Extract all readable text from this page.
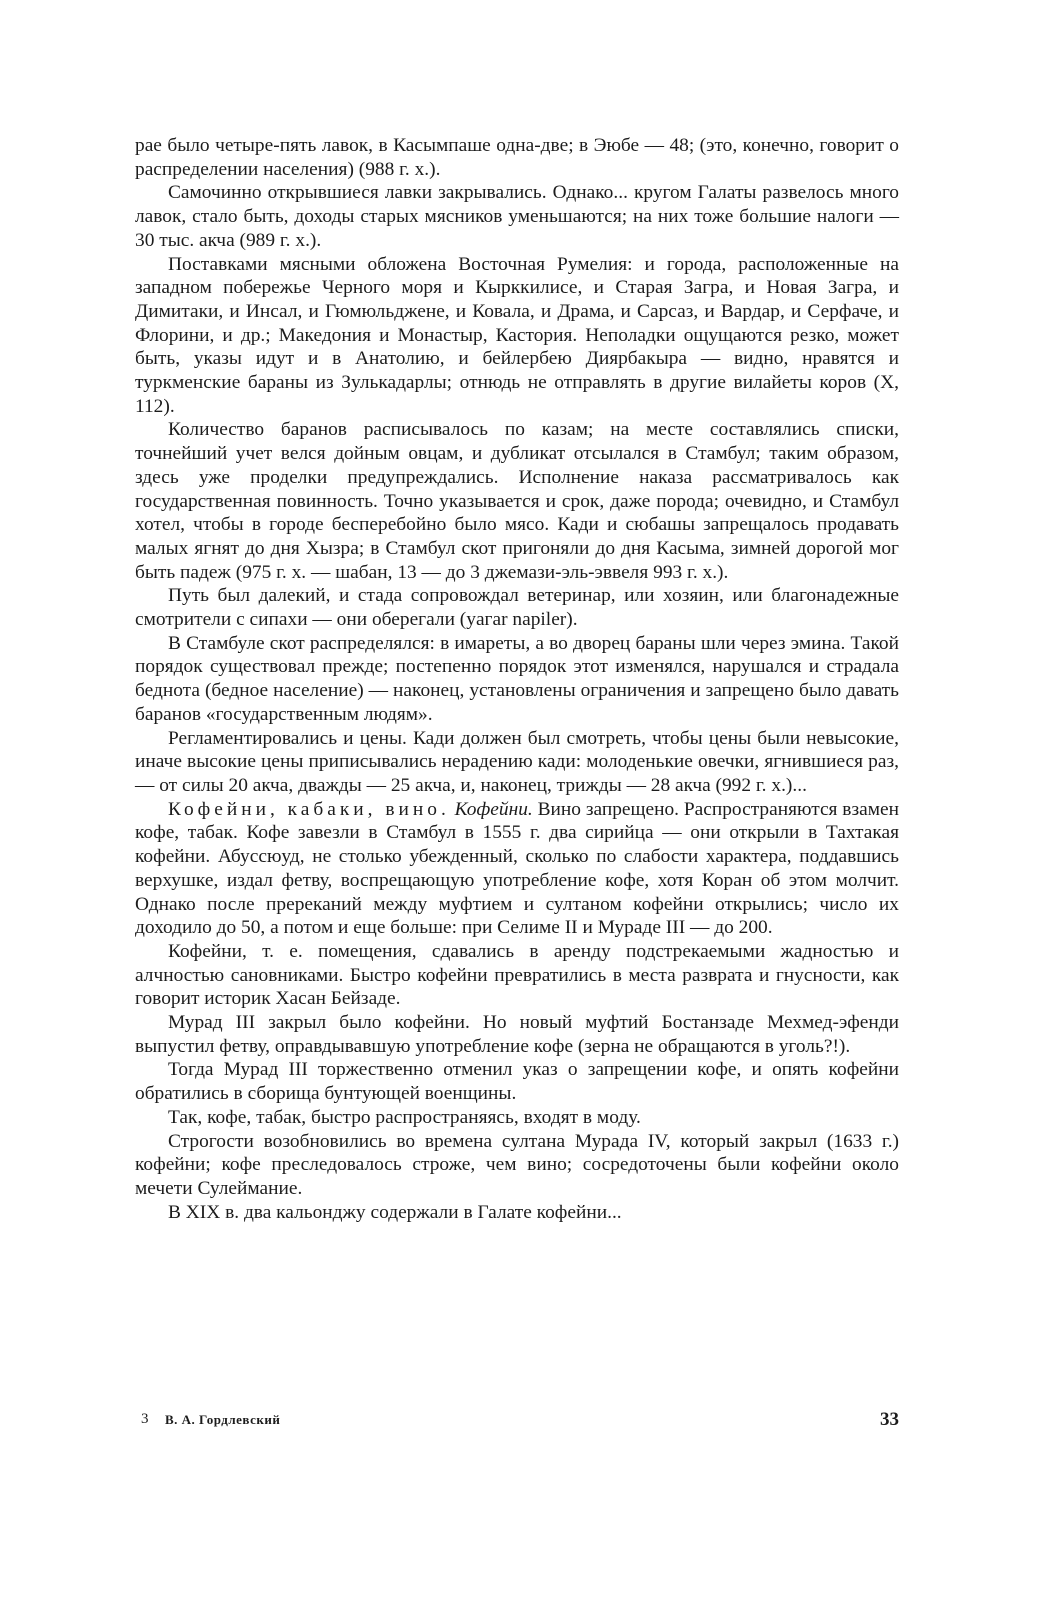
рае было четыре-пять лавок, в Касымпаше одна-две; в Эюбе — 48; (это, конечно, говорит о распределении населения) (988 г. х.).

Самочинно открывшиеся лавки закрывались. Однако... кругом Галаты развелось много лавок, стало быть, доходы старых мясников уменьшаются; на них тоже большие налоги — 30 тыс. акча (989 г. х.).

Поставками мясными обложена Восточная Румелия: и города, расположенные на западном побережье Черного моря и Кырккилисе, и Старая Загра, и Новая Загра, и Димитаки, и Инсал, и Гюмюльджене, и Ковала, и Драма, и Сарсаз, и Вардар, и Серфаче, и Флорини, и др.; Македония и Монастыр, Кастория. Неполадки ощущаются резко, может быть, указы идут и в Анатолию, и бейлербею Диярбакыра — видно, нравятся и туркменские бараны из Зулькадарлы; отнюдь не отправлять в другие вилайеты коров (X, 112).

Количество баранов расписывалось по казам; на месте составлялись списки, точнейший учет велся дойным овцам, и дубликат отсылался в Стамбул; таким образом, здесь уже проделки предупреждались. Исполнение наказа рассматривалось как государственная повинность. Точно указывается и срок, даже порода; очевидно, и Стамбул хотел, чтобы в городе бесперебойно было мясо. Кади и сюбашы запрещалось продавать малых ягнят до дня Хызра; в Стамбул скот пригоняли до дня Касыма, зимней дорогой мог быть падеж (975 г. х. — шабан, 13 — до 3 джемази-эль-эввеля 993 г. х.).

Путь был далекий, и стада сопровождал ветеринар, или хозяин, или благонадежные смотрители с сипахи — они оберегали (yaгаr napiler).

В Стамбуле скот распределялся: в имареты, а во дворец бараны шли через эмина. Такой порядок существовал прежде; постепенно порядок этот изменялся, нарушался и страдала беднота (бедное население) — наконец, установлены ограничения и запрещено было давать баранов «государственным людям».

Регламентировались и цены. Кади должен был смотреть, чтобы цены были невысокие, иначе высокие цены приписывались нерадению кади: молоденькие овечки, ягнившиеся раз,— от силы 20 акча, дважды — 25 акча, и, наконец, трижды — 28 акча (992 г. х.)...

Кофейни, кабаки, вино. Кофейни. Вино запрещено. Распространяются взамен кофе, табак. Кофе завезли в Стамбул в 1555 г. два сирийца — они открыли в Тахтакая кофейни. Абуссюуд, не столько убежденный, сколько по слабости характера, поддавшись верхушке, издал фетву, воспрещающую употребление кофе, хотя Коран об этом молчит. Однако после пререканий между муфтием и султаном кофейни открылись; число их доходило до 50, а потом и еще больше: при Селиме II и Мураде III — до 200.

Кофейни, т. е. помещения, сдавались в аренду подстрекаемыми жадностью и алчностью сановниками. Быстро кофейни превратились в места разврата и гнусности, как говорит историк Хасан Бейзаде.

Мурад III закрыл было кофейни. Но новый муфтий Бостанзаде Мехмед-эфенди выпустил фетву, оправдывавшую употребление кофе (зерна не обращаются в уголь?!).

Тогда Мурад III торжественно отменил указ о запрещении кофе, и опять кофейни обратились в сборища бунтующей военщины.

Так, кофе, табак, быстро распространяясь, входят в моду.

Строгости возобновились во времена султана Мурада IV, который закрыл (1633 г.) кофейни; кофе преследовалось строже, чем вино; сосредоточены были кофейни около мечети Сулеймание.

В XIX в. два кальонджу содержали в Галате кофейни...

3 В. А. Гордлевский	33
